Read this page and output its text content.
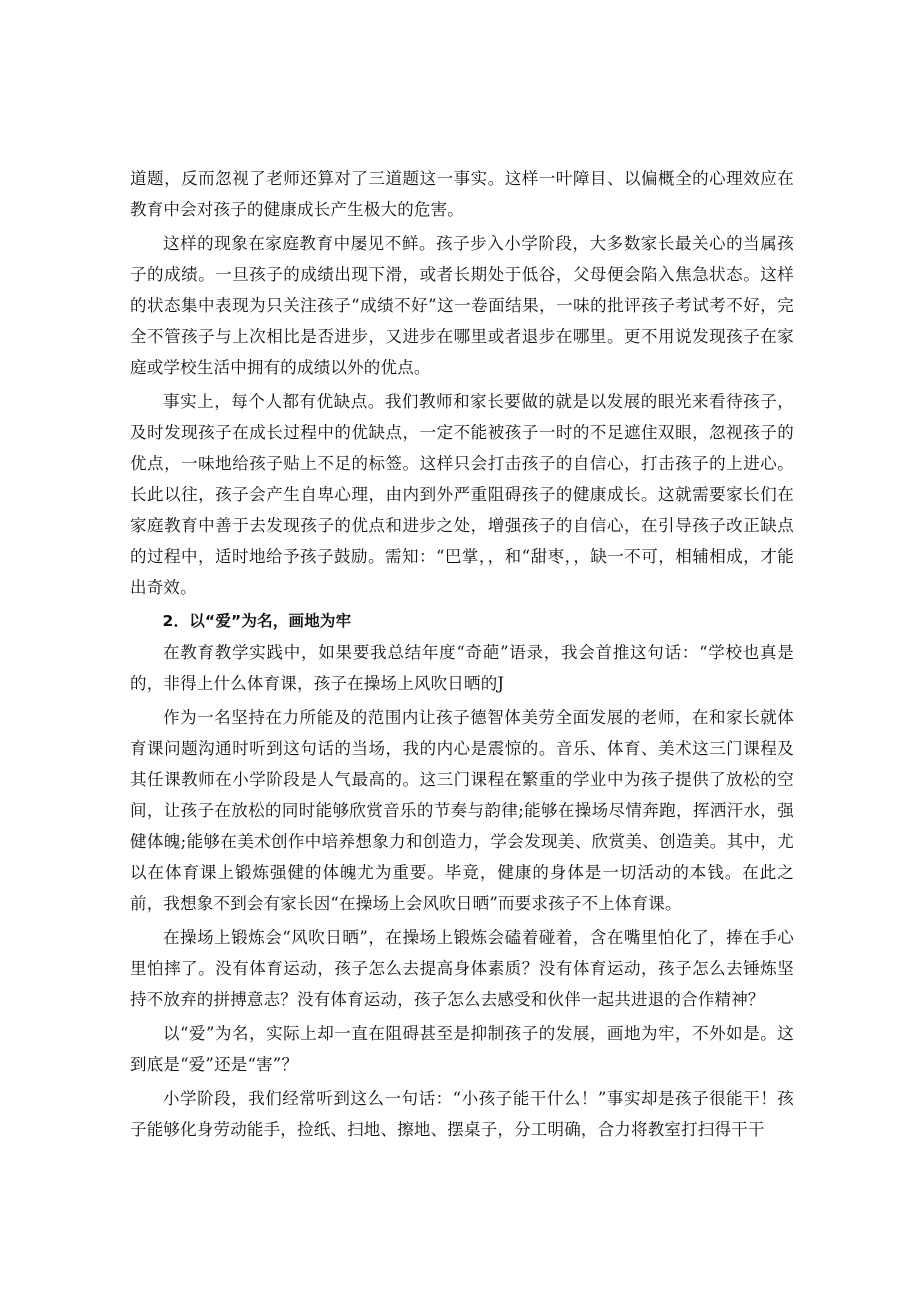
道题，反而忽视了老师还算对了三道题这一事实。这样一叶障目、以偏概全的心理效应在教育中会对孩子的健康成长产生极大的危害。

这样的现象在家庭教育中屡见不鲜。孩子步入小学阶段，大多数家长最关心的当属孩子的成绩。一旦孩子的成绩出现下滑，或者长期处于低谷，父母便会陷入焦急状态。这样的状态集中表现为只关注孩子“成绩不好”这一卷面结果，一味的批评孩子考试考不好，完全不管孩子与上次相比是否进步，又进步在哪里或者退步在哪里。更不用说发现孩子在家庭或学校生活中拥有的成绩以外的优点。

事实上，每个人都有优缺点。我们教师和家长要做的就是以发展的眼光来看待孩子，及时发现孩子在成长过程中的优缺点，一定不能被孩子一时的不足遮住双眼，忽视孩子的优点，一味地给孩子贴上不足的标签。这样只会打击孩子的自信心，打击孩子的上进心。长此以往，孩子会产生自卑心理，由内到外严重阻碍孩子的健康成长。这就需要家长们在家庭教育中善于去发现孩子的优点和进步之处，增强孩子的自信心，在引导孩子改正缺点的过程中，适时地给予孩子鼓励。需知：“巴掌，，和“甜枣，，缺一不可，相辅相成，才能出奇效。

2．以“爱”为名，画地为牢

在教育教学实践中，如果要我总结年度“奇葩”语录，我会首推这句话：“学校也真是的，非得上什么体育课，孩子在操场上风吹日晒的J

作为一名坚持在力所能及的范围内让孩子德智体美劳全面发展的老师，在和家长就体育课问题沟通时听到这句话的当场，我的内心是震惊的。音乐、体育、美术这三门课程及其任课教师在小学阶段是人气最高的。这三门课程在繁重的学业中为孩子提供了放松的空间，让孩子在放松的同时能够欣赏音乐的节奏与韵律;能够在操场尽情奔跑，挥洒汗水，强健体魄;能够在美术创作中培养想象力和创造力，学会发现美、欣赏美、创造美。其中，尤以在体育课上锻炼强健的体魄尤为重要。毕竟，健康的身体是一切活动的本钱。在此之前，我想象不到会有家长因“在操场上会风吹日晒”而要求孩子不上体育课。

在操场上锻炼会“风吹日晒”，在操场上锻炼会磕着碰着，含在嘴里怕化了，捧在手心里怕摔了。没有体育运动，孩子怎么去提高身体素质？没有体育运动，孩子怎么去锤炼坚持不放弃的拼搏意志？没有体育运动，孩子怎么去感受和伙伴一起共进退的合作精神？

以“爱”为名，实际上却一直在阻碍甚至是抑制孩子的发展，画地为牢，不外如是。这到底是“爱”还是“害”？

小学阶段，我们经常听到这么一句话：“小孩子能干什么！”事实却是孩子很能干！孩子能够化身劳动能手，捡纸、扫地、擦地、摆桌子，分工明确，合力将教室打扫得干干
